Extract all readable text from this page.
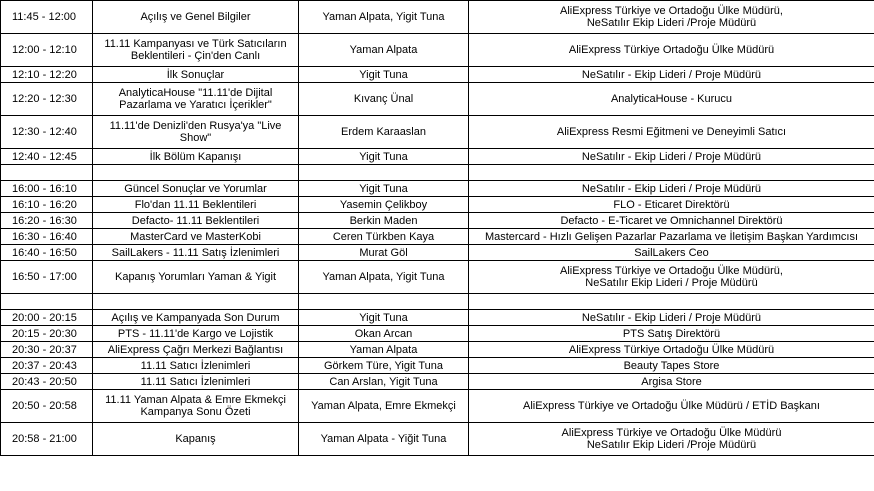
11:45 - 12:00	Açılış ve Genel Bilgiler	Yaman Alpata, Yigit Tuna	AliExpress Türkiye ve Ortadoğu Ülke Müdürü,
NeSatılır Ekip Lideri /Proje Müdürü
12:00 - 12:10	11.11 Kampanyası ve Türk Satıcıların
Beklentileri - Çin'den Canlı	Yaman Alpata	AliExpress Türkiye Ortadoğu Ülke Müdürü
12:10 - 12:20	İlk Sonuçlar	Yigit Tuna	NeSatılır - Ekip Lideri / Proje Müdürü
12:20 - 12:30	AnalyticaHouse "11.11'de Dijital
Pazarlama ve Yaratıcı İçerikler"	Kıvanç Ünal	AnalyticaHouse - Kurucu
12:30 - 12:40	11.11'de Denizli'den Rusya'ya "Live
Show"	Erdem Karaaslan	AliExpress Resmi Eğitmeni ve Deneyimli Satıcı
12:40 - 12:45	İlk Bölüm Kapanışı	Yigit Tuna	NeSatılır - Ekip Lideri / Proje Müdürü

16:00 - 16:10	Güncel Sonuçlar ve Yorumlar	Yigit Tuna	NeSatılır - Ekip Lideri / Proje Müdürü
16:10 - 16:20	Flo'dan 11.11 Beklentileri	Yasemin Çelikboy	FLO - Eticaret Direktörü
16:20 - 16:30	Defacto- 11.11 Beklentileri	Berkin Maden	Defacto - E-Ticaret ve Omnichannel Direktörü
16:30 - 16:40	MasterCard ve MasterKobi	Ceren Türkben Kaya	Mastercard - Hızlı Gelişen Pazarlar Pazarlama ve İletişim Başkan Yardımcısı
16:40 - 16:50	SailLakers - 11.11 Satış İzlenimleri	Murat Göl	SailLakers Ceo
16:50 - 17:00	Kapanış Yorumları Yaman & Yigit	Yaman Alpata, Yigit Tuna	AliExpress Türkiye ve Ortadoğu Ülke Müdürü,
NeSatılır Ekip Lideri / Proje Müdürü

20:00 - 20:15	Açılış ve Kampanyada Son Durum	Yigit Tuna	NeSatılır - Ekip Lideri / Proje Müdürü
20:15 - 20:30	PTS - 11.11'de Kargo ve Lojistik	Okan Arcan	PTS Satış Direktörü
20:30 - 20:37	AliExpress Çağrı Merkezi Bağlantısı	Yaman Alpata	AliExpress Türkiye Ortadoğu Ülke Müdürü
20:37 - 20:43	11.11 Satıcı İzlenimleri	Görkem Türe, Yigit Tuna	Beauty Tapes Store
20:43 - 20:50	11.11 Satıcı İzlenimleri	Can Arslan, Yigit Tuna	Argisa Store
20:50 - 20:58	11.11 Yaman Alpata & Emre Ekmekçi
Kampanya Sonu Özeti	Yaman Alpata, Emre Ekmekçi	AliExpress Türkiye ve Ortadoğu Ülke Müdürü / ETİD Başkanı
20:58 - 21:00	Kapanış	Yaman Alpata - Yiğit Tuna	AliExpress Türkiye ve Ortadoğu Ülke Müdürü
NeSatılır Ekip Lideri /Proje Müdürü
